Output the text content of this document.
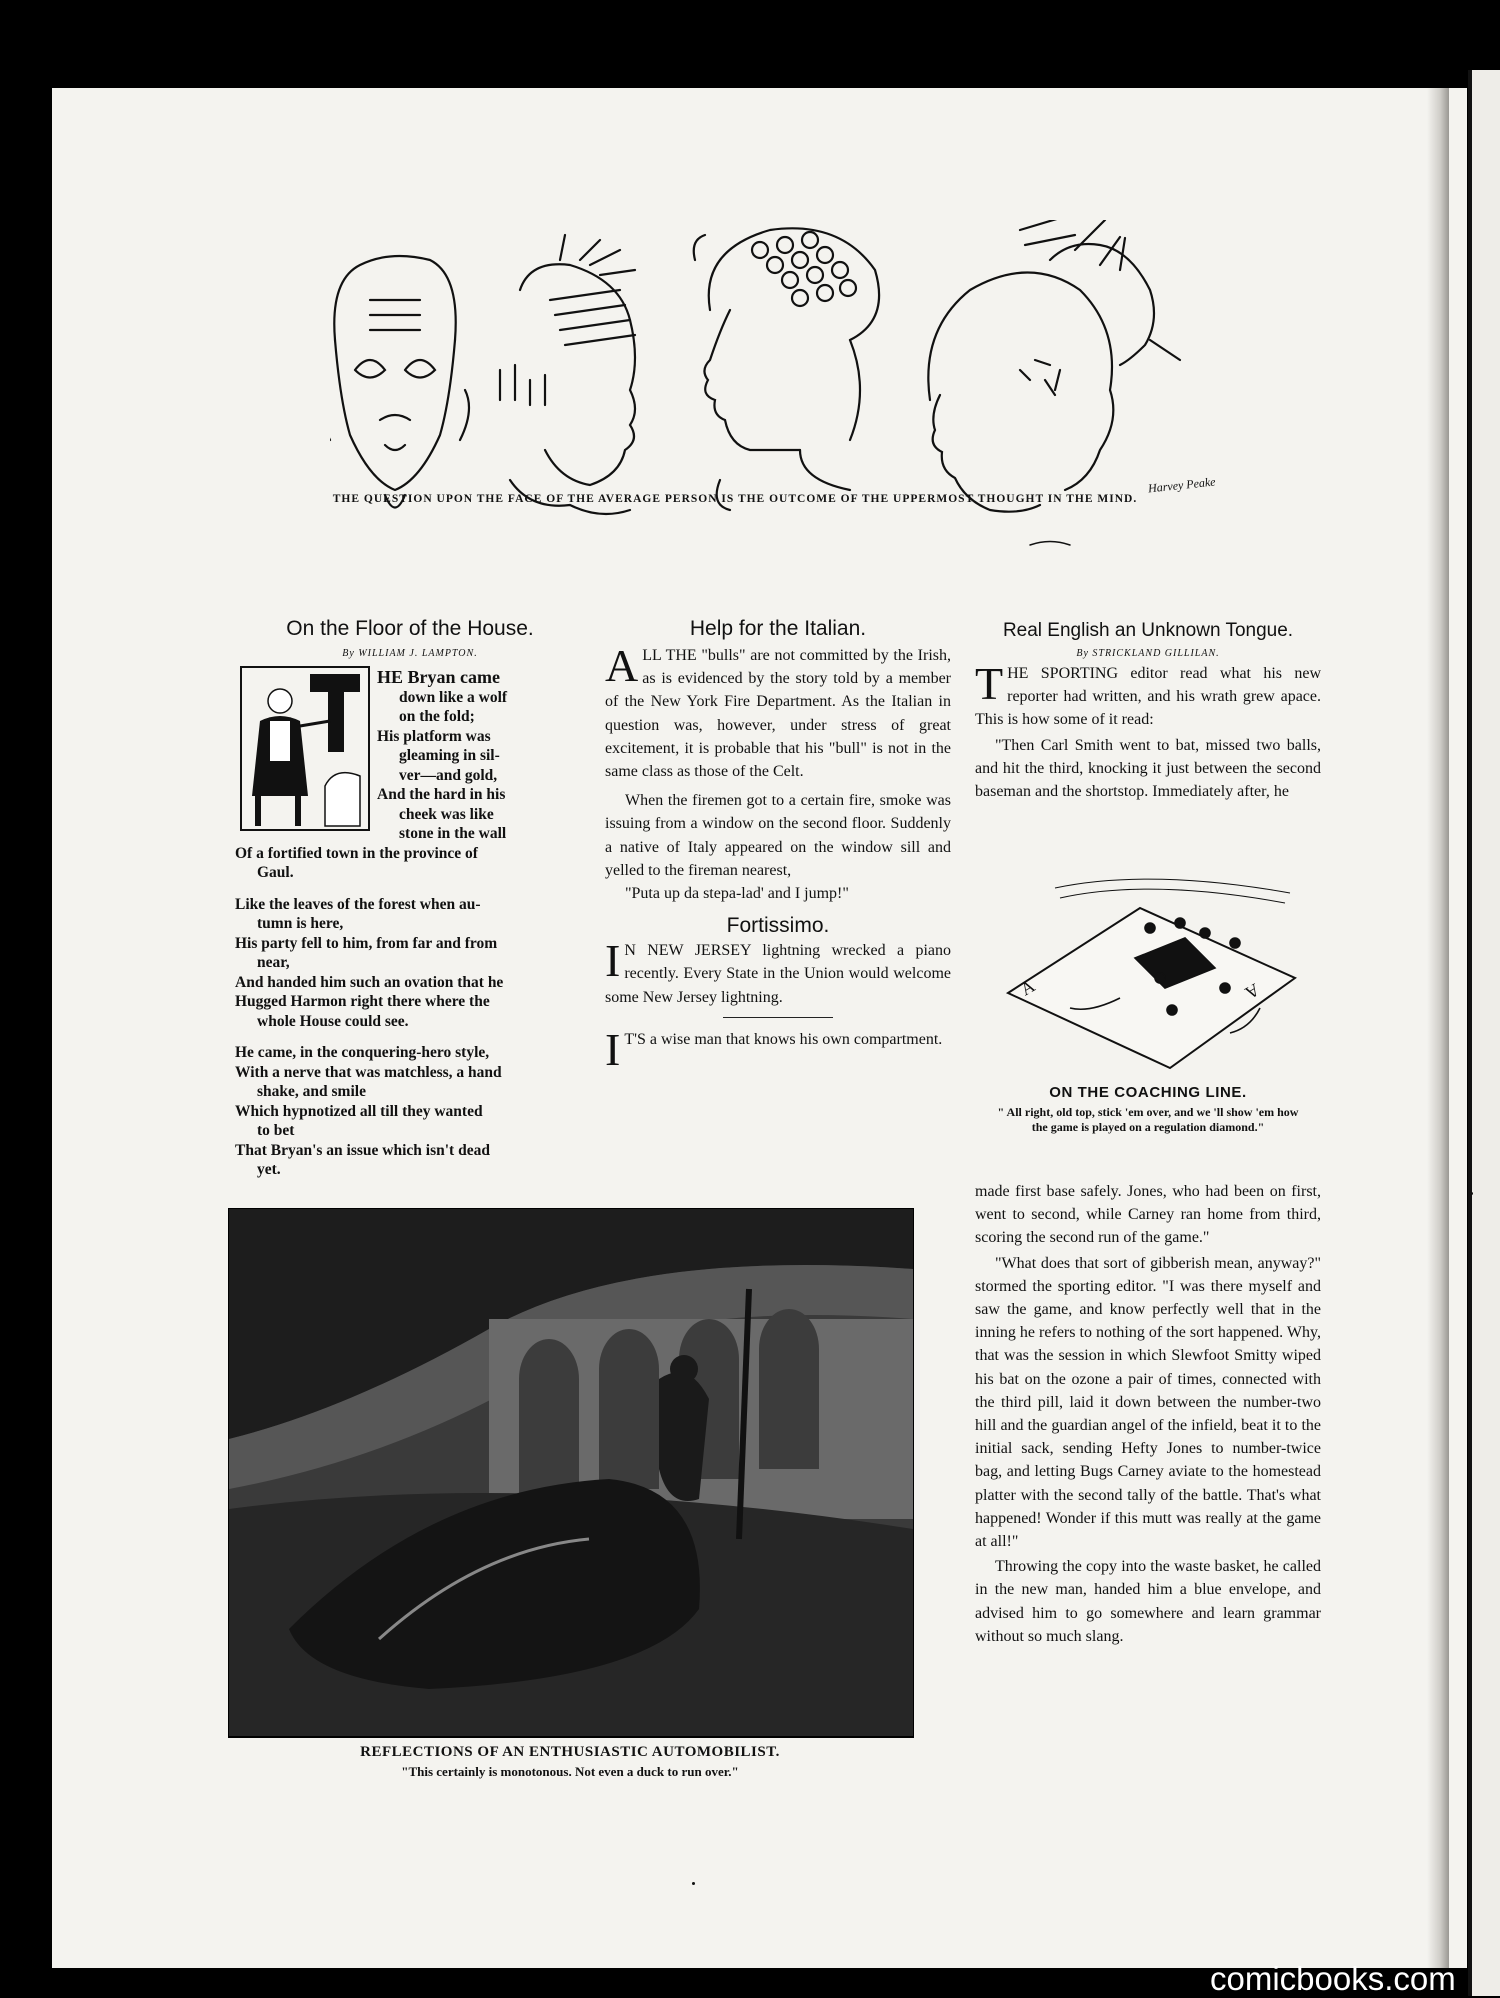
Harvey Peake
THE QUESTION UPON THE FACE OF THE AVERAGE PERSON IS THE OUTCOME OF THE UPPERMOST THOUGHT IN THE MIND.
On the Floor of the House.
By WILLIAM J. LAMPTON.
HE Bryan came
down like a wolf
on the fold;
His platform was
gleaming in sil-
ver—and gold,
And the hard in his
cheek was like
stone in the wall
Of a fortified town in the province of
Gaul.
Like the leaves of the forest when au-
tumn is here,
His party fell to him, from far and from
near,
And handed him such an ovation that he
Hugged Harmon right there where the
whole House could see.
He came, in the conquering-hero style,
With a nerve that was matchless, a hand
shake, and smile
Which hypnotized all till they wanted
to bet
That Bryan's an issue which isn't dead
yet.
Help for the Italian.
A LL THE "bulls" are not committed by the Irish, as is evidenced by the story told by a member of the New York Fire Department. As the Italian in question was, however, under stress of great excitement, it is probable that his "bull" is not in the same class as those of the Celt.

When the firemen got to a certain fire, smoke was issuing from a window on the second floor. Suddenly a native of Italy appeared on the window sill and yelled to the fireman nearest,

"Puta up da stepa-lad' and I jump!"

Fortissimo.
I N NEW JERSEY lightning wrecked a piano recently. Every State in the Union would welcome some New Jersey lightning.

I T'S a wise man that knows his own compartment.

Real English an Unknown Tongue.
By STRICKLAND GILLILAN.
T HE SPORTING editor read what his new reporter had written, and his wrath grew apace. This is how some of it read:

"Then Carl Smith went to bat, missed two balls, and hit the third, knocking it just between the second baseman and the shortstop. Immediately after, he

A	A
ON THE COACHING LINE.
" All right, old top, stick 'em over, and we 'll show 'em how the game is played on a regulation diamond."

made first base safely. Jones, who had been on first, went to second, while Carney ran home from third, scoring the second run of the game."

"What does that sort of gibberish mean, anyway?" stormed the sporting editor. "I was there myself and saw the game, and know perfectly well that in the inning he refers to nothing of the sort happened. Why, that was the session in which Slewfoot Smitty wiped his bat on the ozone a pair of times, connected with the third pill, laid it down between the number-two hill and the guardian angel of the infield, beat it to the initial sack, sending Hefty Jones to number-twice bag, and letting Bugs Carney aviate to the homestead platter with the second tally of the battle. That's what happened! Wonder if this mutt was really at the game at all!"

Throwing the copy into the waste basket, he called in the new man, handed him a blue envelope, and advised him to go somewhere and learn grammar without so much slang.

REFLECTIONS OF AN ENTHUSIASTIC AUTOMOBILIST.
"This certainly is monotonous. Not even a duck to run over."
comicbooks.com
